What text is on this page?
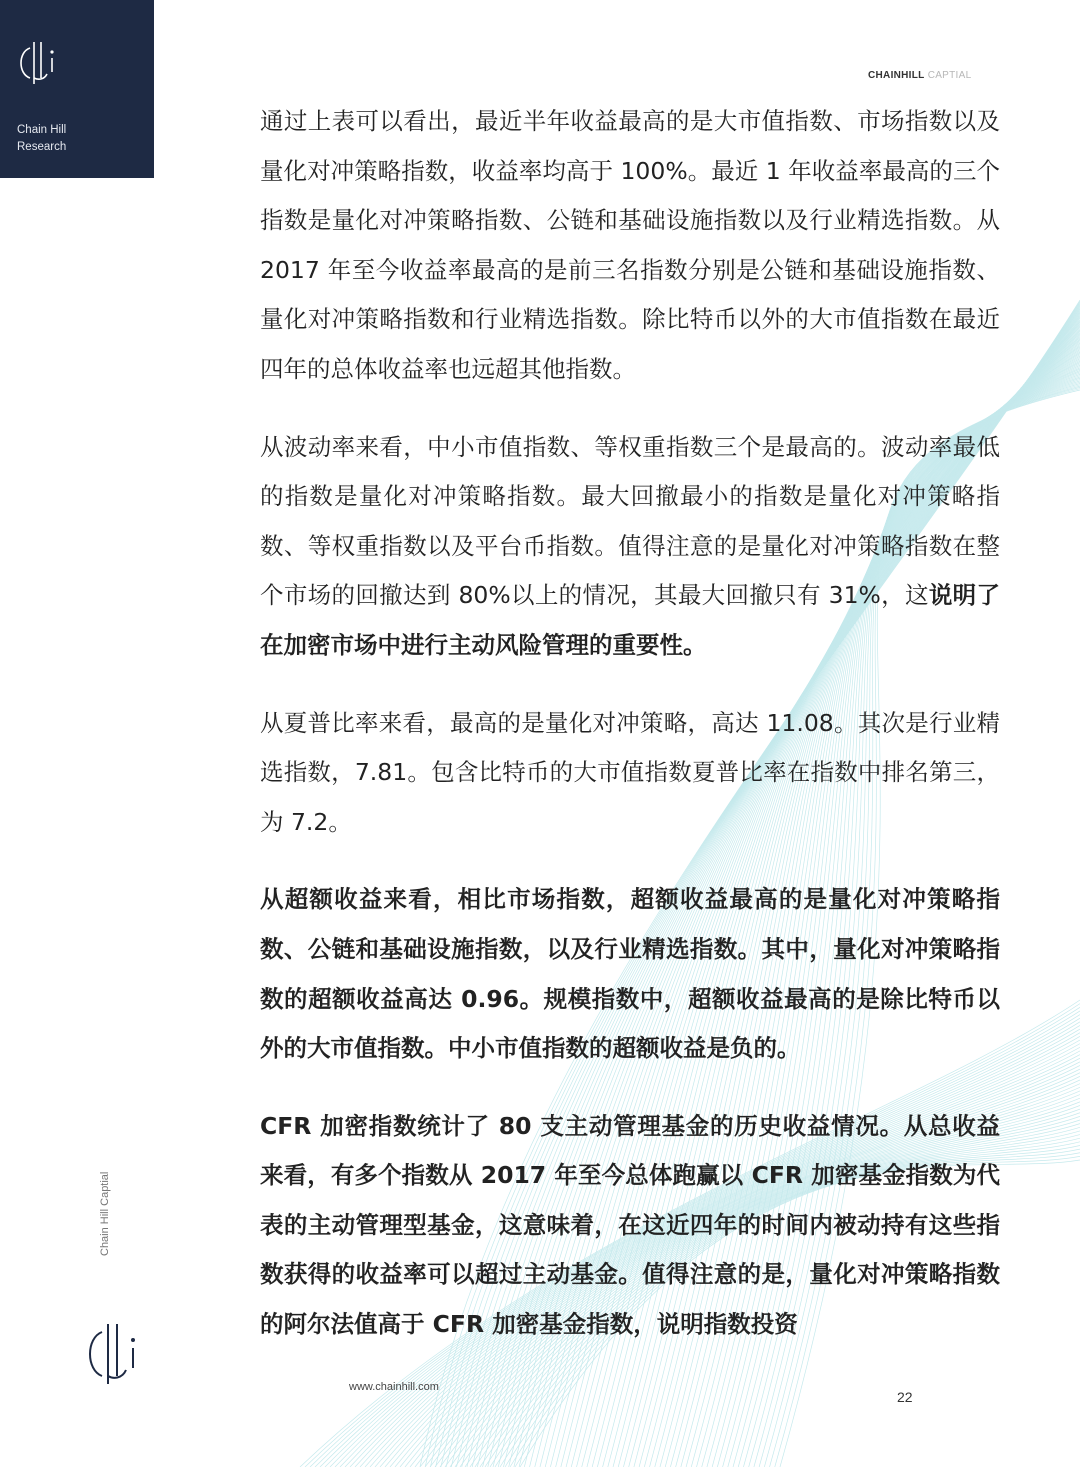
Chain Hill
Research
CHAINHILL CAPTIAL

通过上表可以看出，最近半年收益最高的是大市值指数、市场指数以及量化对冲策略指数，收益率均高于 100%。最近 1 年收益率最高的三个指数是量化对冲策略指数、公链和基础设施指数以及行业精选指数。从 2017 年至今收益率最高的是前三名指数分别是公链和基础设施指数、量化对冲策略指数和行业精选指数。除比特币以外的大市值指数在最近四年的总体收益率也远超其他指数。

从波动率来看，中小市值指数、等权重指数三个是最高的。波动率最低的指数是量化对冲策略指数。最大回撤最小的指数是量化对冲策略指数、等权重指数以及平台币指数。值得注意的是量化对冲策略指数在整个市场的回撤达到 80%以上的情况，其最大回撤只有 31%，这说明了在加密市场中进行主动风险管理的重要性。

从夏普比率来看，最高的是量化对冲策略，高达 11.08。其次是行业精选指数，7.81。包含比特币的大市值指数夏普比率在指数中排名第三，为 7.2。

从超额收益来看，相比市场指数，超额收益最高的是量化对冲策略指数、公链和基础设施指数，以及行业精选指数。其中，量化对冲策略指数的超额收益高达 0.96。规模指数中，超额收益最高的是除比特币以外的大市值指数。中小市值指数的超额收益是负的。

CFR 加密指数统计了 80 支主动管理基金的历史收益情况。从总收益来看，有多个指数从 2017 年至今总体跑赢以 CFR 加密基金指数为代表的主动管理型基金，这意味着，在这近四年的时间内被动持有这些指数获得的收益率可以超过主动基金。值得注意的是，量化对冲策略指数的阿尔法值高于 CFR 加密基金指数，说明指数投资

Chain Hill Captial
www.chainhill.com
22
